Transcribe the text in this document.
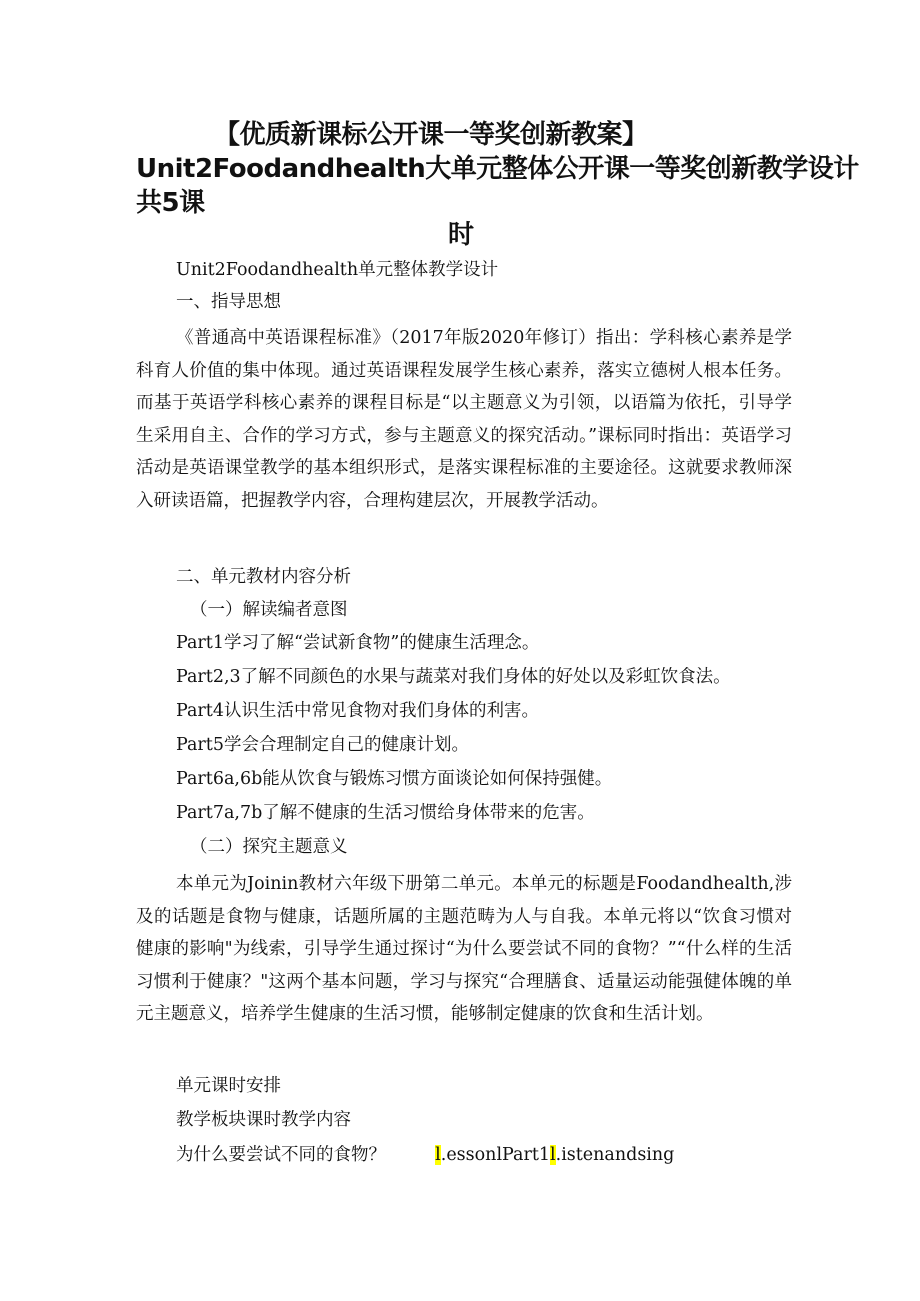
【优质新课标公开课一等奖创新教案】
Unit2Foodandhealth大单元整体公开课一等奖创新教学设计
共5课
时
Unit2Foodandhealth单元整体教学设计
一、指导思想
《普通高中英语课程标准》（2017年版2020年修订）指出：学科核心素养是学科育人价值的集中体现。通过英语课程发展学生核心素养，落实立德树人根本任务。而基于英语学科核心素养的课程目标是“以主题意义为引领，以语篇为依托，引导学生采用自主、合作的学习方式，参与主题意义的探究活动。”课标同时指出：英语学习活动是英语课堂教学的基本组织形式，是落实课程标准的主要途径。这就要求教师深入研读语篇，把握教学内容，合理构建层次，开展教学活动。
二、单元教材内容分析
（一）解读编者意图
Part1学习了解“尝试新食物”的健康生活理念。
Part2,3了解不同颜色的水果与蔬菜对我们身体的好处以及彩虹饮食法。
Part4认识生活中常见食物对我们身体的利害。
Part5学会合理制定自己的健康计划。
Part6a,6b能从饮食与锻炼习惯方面谈论如何保持强健。
Part7a,7b了解不健康的生活习惯给身体带来的危害。
（二）探究主题意义
本单元为Joinin教材六年级下册第二单元。本单元的标题是Foodandhealth,涉及的话题是食物与健康，话题所属的主题范畴为人与自我。本单元将以“饮食习惯对健康的影响"为线索，引导学生通过探讨“为什么要尝试不同的食物？”“什么样的生活习惯利于健康？"这两个基本问题，学习与探究“合理膳食、适量运动能强健体魄的单元主题意义，培养学生健康的生活习惯，能够制定健康的饮食和生活计划。
单元课时安排
教学板块课时教学内容
为什么要尝试不同的食物？	l.essonlPart1l.istenandsing
